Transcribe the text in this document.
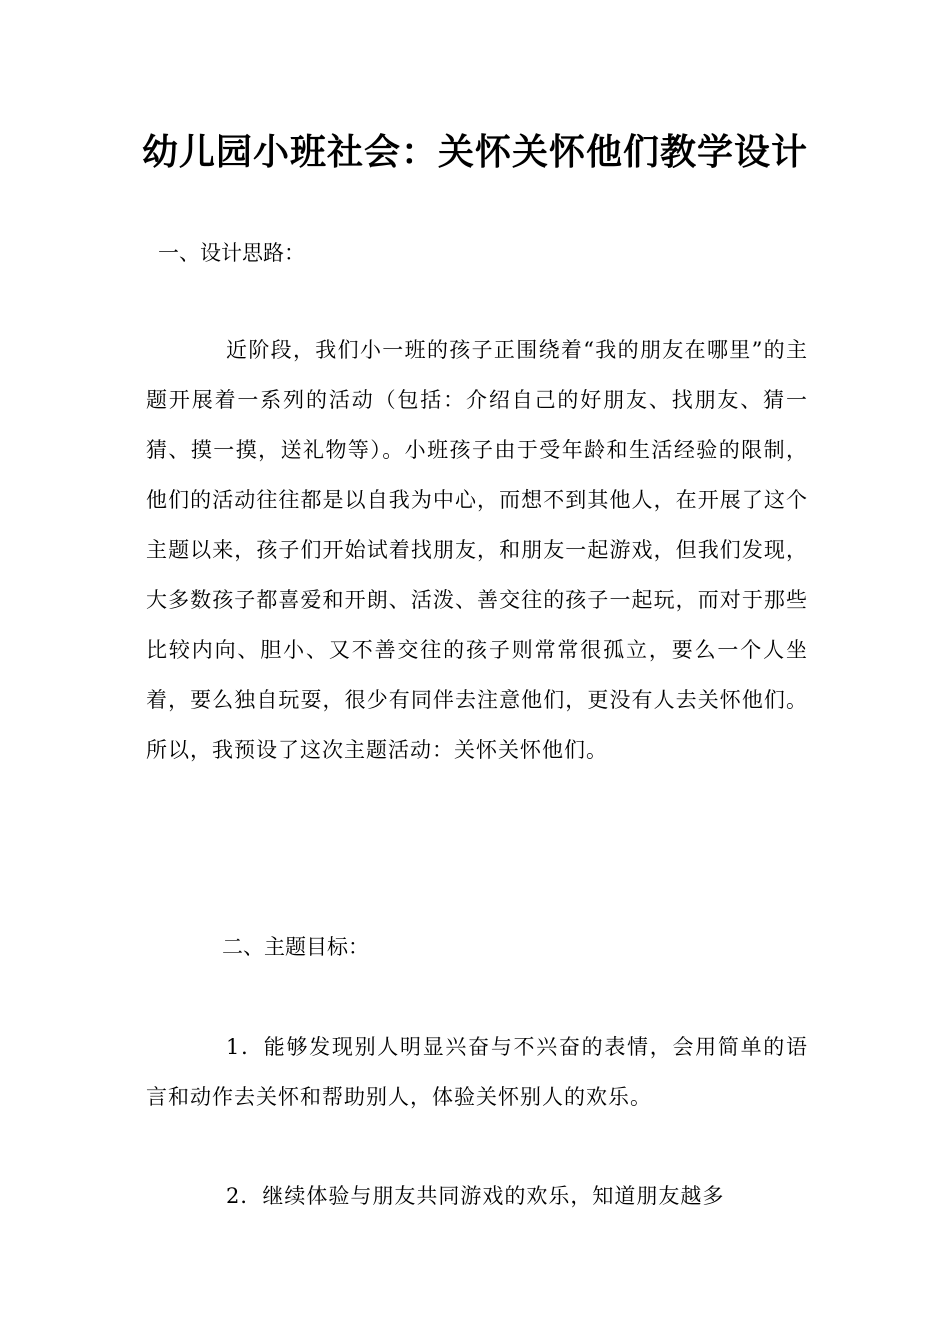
幼儿园小班社会：关怀关怀他们教学设计

一、设计思路：

近阶段，我们小一班的孩子正围绕着“我的朋友在哪里”的主题开展着一系列的活动（包括：介绍自己的好朋友、找朋友、猜一猜、摸一摸，送礼物等）。小班孩子由于受年龄和生活经验的限制，他们的活动往往都是以自我为中心，而想不到其他人，在开展了这个主题以来，孩子们开始试着找朋友，和朋友一起游戏，但我们发现，大多数孩子都喜爱和开朗、活泼、善交往的孩子一起玩，而对于那些比较内向、胆小、又不善交往的孩子则常常很孤立，要么一个人坐着，要么独自玩耍，很少有同伴去注意他们，更没有人去关怀他们。所以，我预设了这次主题活动：关怀关怀他们。

二、主题目标：

1．能够发现别人明显兴奋与不兴奋的表情，会用简单的语言和动作去关怀和帮助别人，体验关怀别人的欢乐。

2．继续体验与朋友共同游戏的欢乐，知道朋友越多
